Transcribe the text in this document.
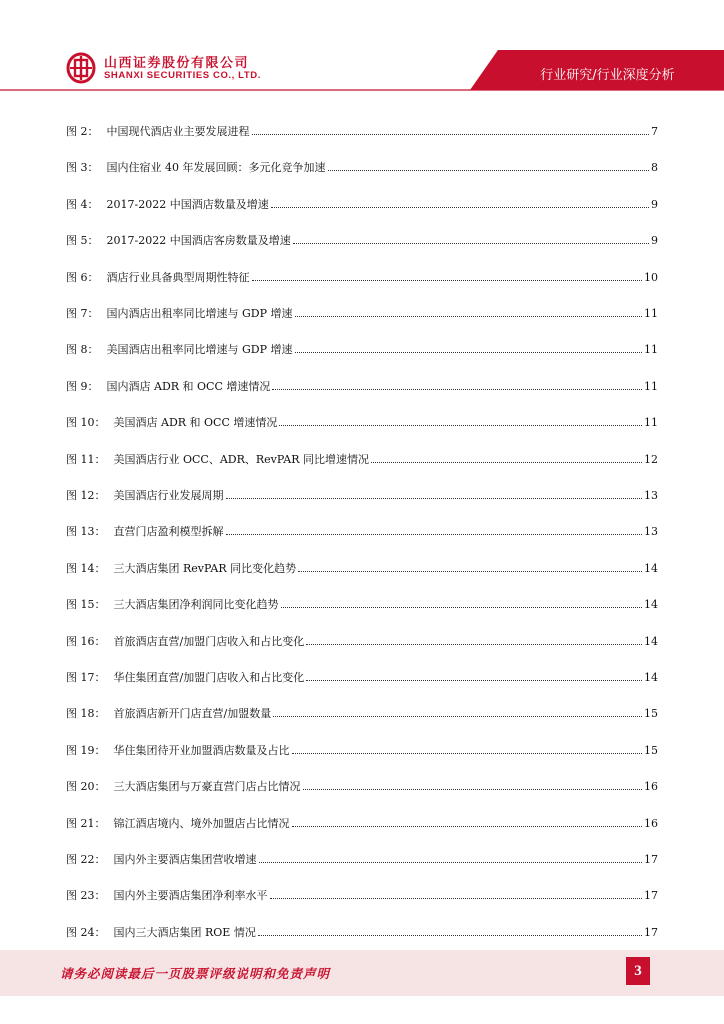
山西证券股份有限公司
SHANXI SECURITIES CO., LTD.	行业研究/行业深度分析
图 2： 中国现代酒店业主要发展进程	7
图 3： 国内住宿业 40 年发展回顾：多元化竞争加速	8
图 4： 2017-2022 中国酒店数量及增速	9
图 5： 2017-2022 中国酒店客房数量及增速	9
图 6： 酒店行业具备典型周期性特征	10
图 7： 国内酒店出租率同比增速与 GDP 增速	11
图 8： 美国酒店出租率同比增速与 GDP 增速	11
图 9： 国内酒店 ADR 和 OCC 增速情况	11
图 10： 美国酒店 ADR 和 OCC 增速情况	11
图 11： 美国酒店行业 OCC、ADR、RevPAR 同比增速情况	12
图 12： 美国酒店行业发展周期	13
图 13： 直营门店盈利模型拆解	13
图 14： 三大酒店集团 RevPAR 同比变化趋势	14
图 15： 三大酒店集团净利润同比变化趋势	14
图 16： 首旅酒店直营/加盟门店收入和占比变化	14
图 17： 华住集团直营/加盟门店收入和占比变化	14
图 18： 首旅酒店新开门店直营/加盟数量	15
图 19： 华住集团待开业加盟酒店数量及占比	15
图 20： 三大酒店集团与万豪直营门店占比情况	16
图 21： 锦江酒店境内、境外加盟店占比情况	16
图 22： 国内外主要酒店集团营收增速	17
图 23： 国内外主要酒店集团净利率水平	17
图 24： 国内三大酒店集团 ROE 情况	17
请务必阅读最后一页股票评级说明和免责声明	3
